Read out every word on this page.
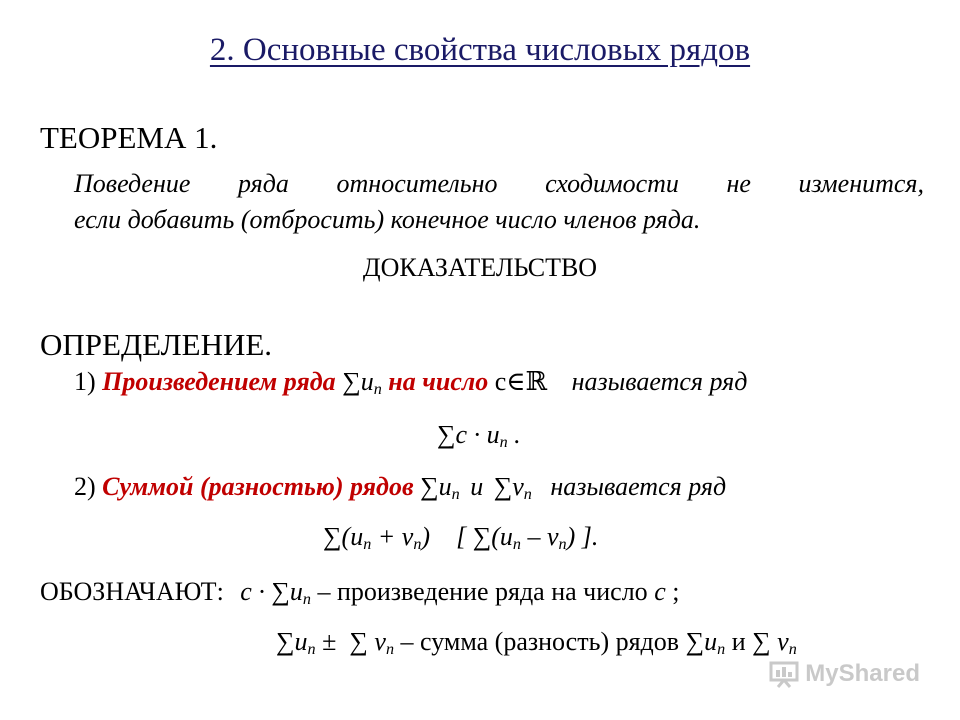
2. Основные свойства числовых рядов
ТЕОРЕМА 1.
Поведение ряда относительно сходимости не изменится,
если добавить (отбросить) конечное число членов ряда.
ДОКАЗАТЕЛЬСТВО
ОПРЕДЕЛЕНИЕ.
1) Произведением ряда $\sum u_n$ на число c∈ℝ называется ряд
$\sum c \cdot u_n$ .
2) Суммой (разностью) рядов $\sum u_n$ и $\sum v_n$ называется ряд
$\sum(u_n + v_n)$ [ $\sum(u_n - v_n)$ ].
ОБОЗНАЧАЮТ: $c \cdot \sum u_n$ – произведение ряда на число c ;
$\sum u_n$ ± ∑ $v_n$ – сумма (разность) рядов $\sum u_n$ и ∑ $v_n$
MyShared
